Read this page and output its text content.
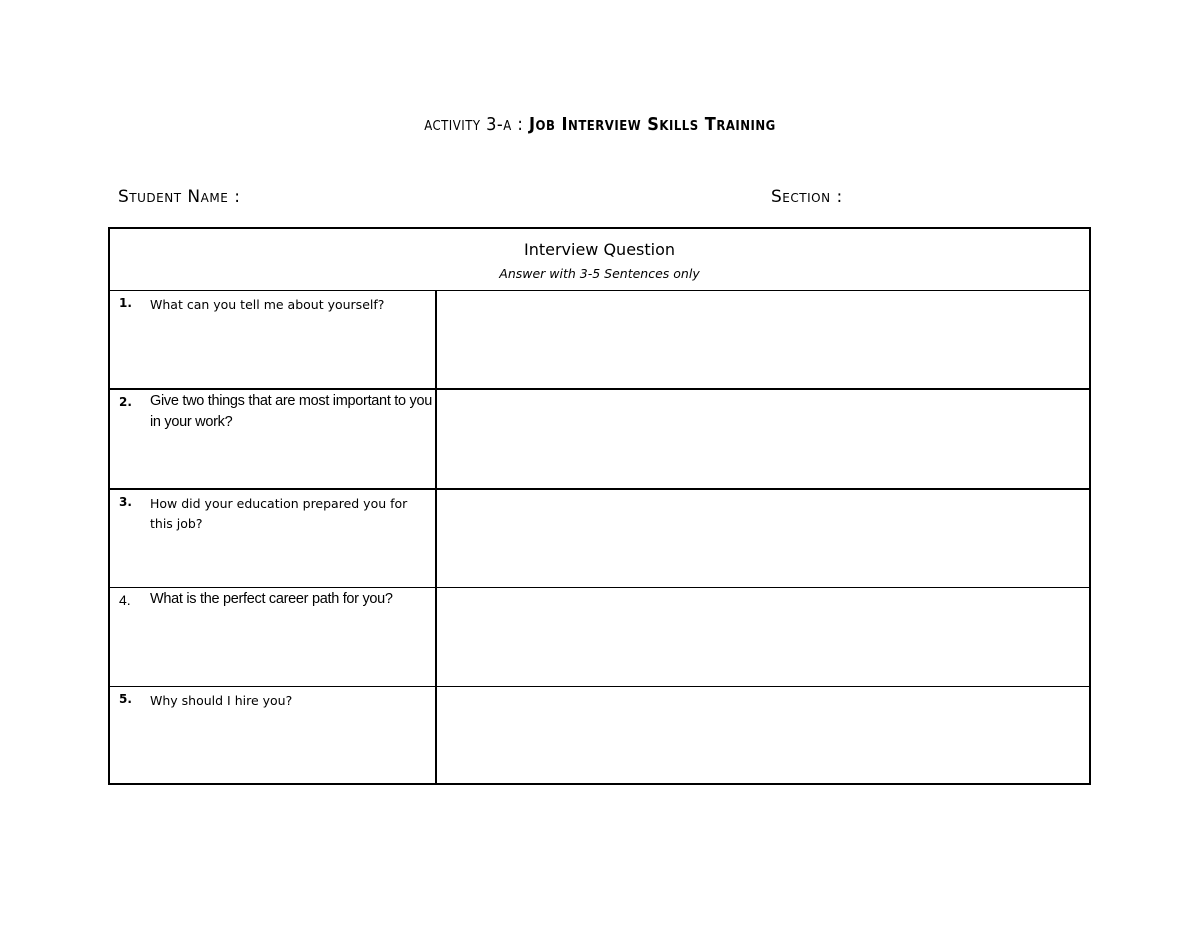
activity 3-a : Job Interview Skills Training
Student Name :	Section :
Interview Question
Answer with 3-5 Sentences only
1. What can you tell me about yourself?
2. Give two things that are most important to you in your work?
3. How did your education prepared you for this job?
4. What is the perfect career path for you?
5. Why should I hire you?
